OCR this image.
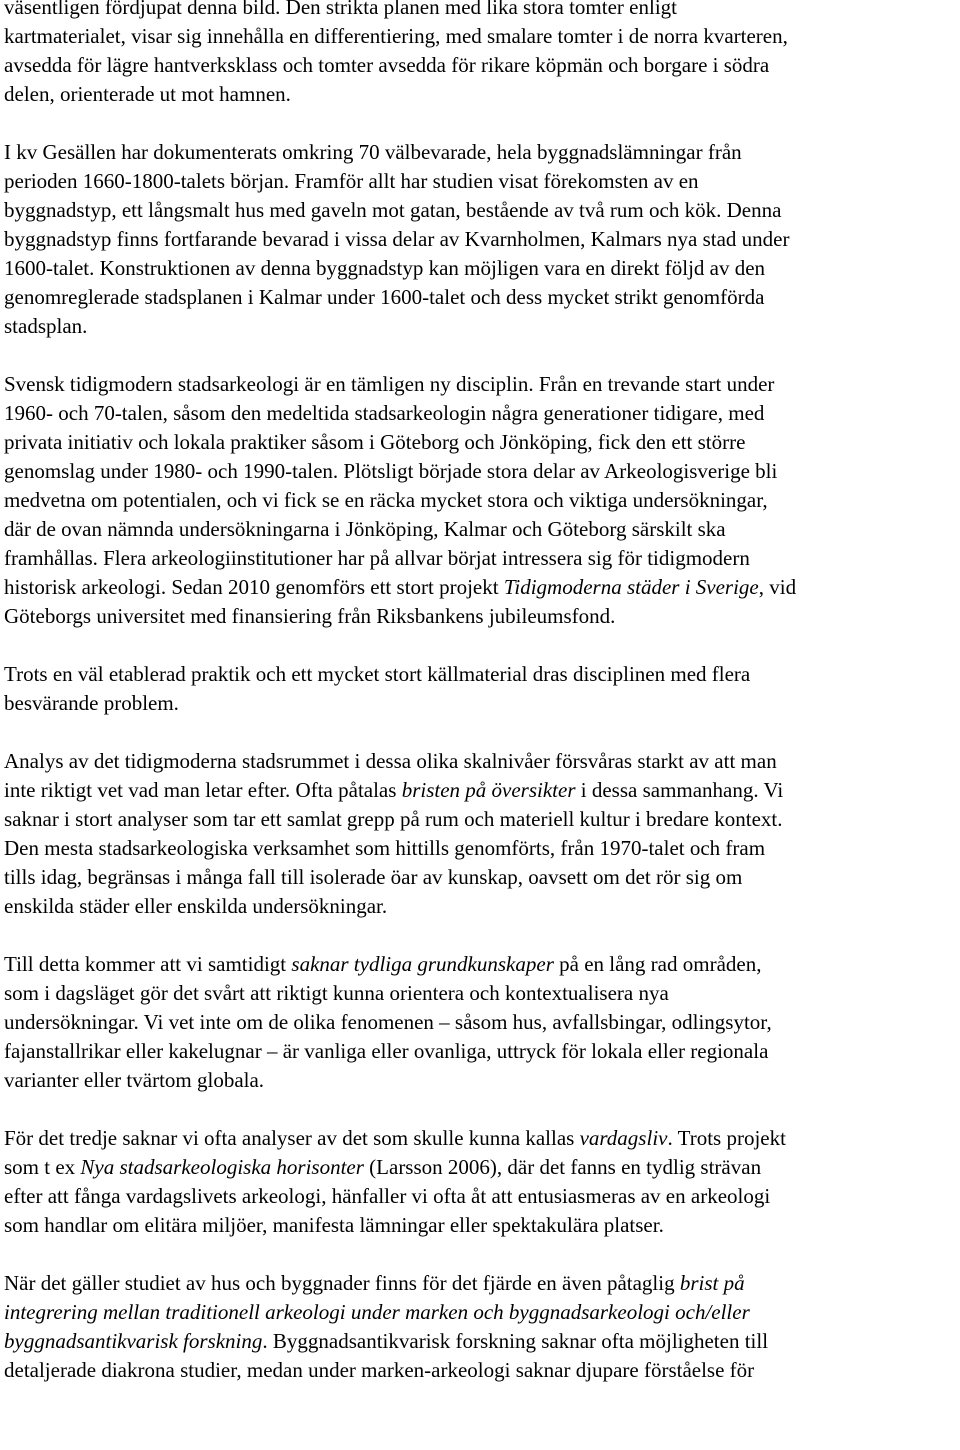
väsentligen fördjupat denna bild. Den strikta planen med lika stora tomter enligt
kartmaterialet, visar sig innehålla en differentiering, med smalare tomter i de norra kvarteren,
avsedda för lägre hantverksklass och tomter avsedda för rikare köpmän och borgare i södra
delen, orienterade ut mot hamnen.

I kv Gesällen har dokumenterats omkring 70 välbevarade, hela byggnadslämningar från
perioden 1660-1800-talets början. Framför allt har studien visat förekomsten av en
byggnadstyp, ett långsmalt hus med gaveln mot gatan, bestående av två rum och kök. Denna
byggnadstyp finns fortfarande bevarad i vissa delar av Kvarnholmen, Kalmars nya stad under
1600-talet. Konstruktionen av denna byggnadstyp kan möjligen vara en direkt följd av den
genomreglerade stadsplanen i Kalmar under 1600-talet och dess mycket strikt genomförda
stadsplan.

Svensk tidigmodern stadsarkeologi är en tämligen ny disciplin. Från en trevande start under
1960- och 70-talen, såsom den medeltida stadsarkeologin några generationer tidigare, med
privata initiativ och lokala praktiker såsom i Göteborg och Jönköping, fick den ett större
genomslag under 1980- och 1990-talen. Plötsligt började stora delar av Arkeologisverige bli
medvetna om potentialen, och vi fick se en räcka mycket stora och viktiga undersökningar,
där de ovan nämnda undersökningarna i Jönköping, Kalmar och Göteborg särskilt ska
framhållas. Flera arkeologiinstitutioner har på allvar börjat intressera sig för tidigmodern
historisk arkeologi. Sedan 2010 genomförs ett stort projekt Tidigmoderna städer i Sverige, vid
Göteborgs universitet med finansiering från Riksbankens jubileumsfond.

Trots en väl etablerad praktik och ett mycket stort källmaterial dras disciplinen med flera
besvärande problem.

Analys av det tidigmoderna stadsrummet i dessa olika skalnivåer försvåras starkt av att man
inte riktigt vet vad man letar efter. Ofta påtalas bristen på översikter i dessa sammanhang. Vi
saknar i stort analyser som tar ett samlat grepp på rum och materiell kultur i bredare kontext.
Den mesta stadsarkeologiska verksamhet som hittills genomförts, från 1970-talet och fram
tills idag, begränsas i många fall till isolerade öar av kunskap, oavsett om det rör sig om
enskilda städer eller enskilda undersökningar.

Till detta kommer att vi samtidigt saknar tydliga grundkunskaper på en lång rad områden,
som i dagsläget gör det svårt att riktigt kunna orientera och kontextualisera nya
undersökningar. Vi vet inte om de olika fenomenen – såsom hus, avfallsbingar, odlingsytor,
fajanstallrikar eller kakelugnar – är vanliga eller ovanliga, uttryck för lokala eller regionala
varianter eller tvärtom globala.

För det tredje saknar vi ofta analyser av det som skulle kunna kallas vardagsliv. Trots projekt
som t ex Nya stadsarkeologiska horisonter (Larsson 2006), där det fanns en tydlig strävan
efter att fånga vardagslivets arkeologi, hänfaller vi ofta åt att entusiasmeras av en arkeologi
som handlar om elitära miljöer, manifesta lämningar eller spektakulära platser.

När det gäller studiet av hus och byggnader finns för det fjärde en även påtaglig brist på
integrering mellan traditionell arkeologi under marken och byggnadsarkeologi och/eller
byggnadsantikvarisk forskning. Byggnadsantikvarisk forskning saknar ofta möjligheten till
detaljerade diakrona studier, medan under marken-arkeologi saknar djupare förståelse för
